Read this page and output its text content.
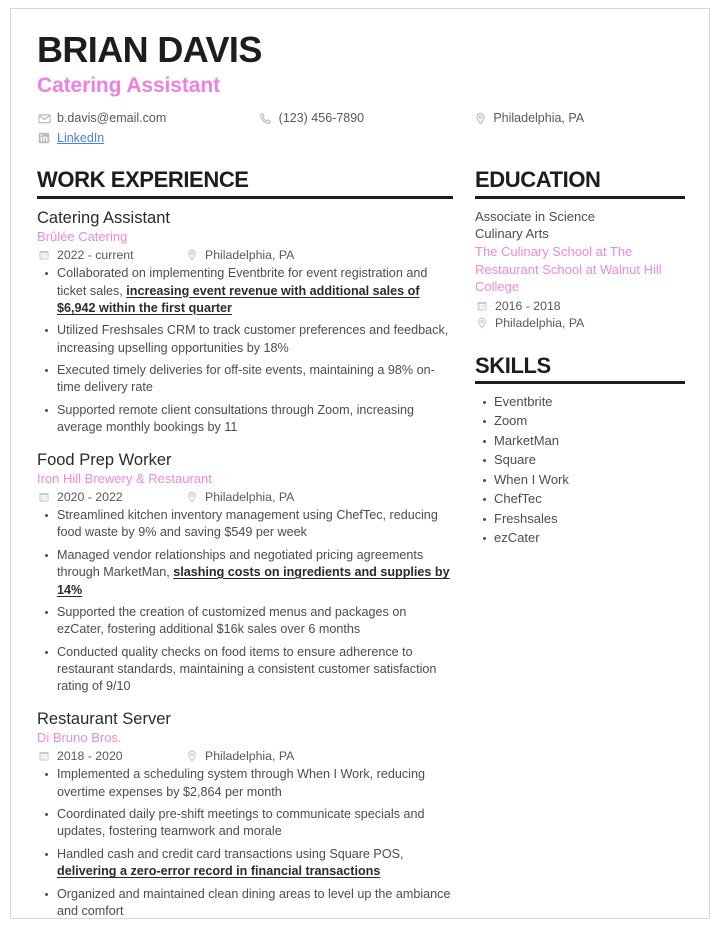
BRIAN DAVIS
Catering Assistant
b.davis@email.com	(123) 456-7890	Philadelphia, PA
LinkedIn
WORK EXPERIENCE
Catering Assistant
Brûlée Catering
2022 - current	Philadelphia, PA
Collaborated on implementing Eventbrite for event registration and ticket sales, increasing event revenue with additional sales of $6,942 within the first quarter
Utilized Freshsales CRM to track customer preferences and feedback, increasing upselling opportunities by 18%
Executed timely deliveries for off-site events, maintaining a 98% on-time delivery rate
Supported remote client consultations through Zoom, increasing average monthly bookings by 11
Food Prep Worker
Iron Hill Brewery & Restaurant
2020 - 2022	Philadelphia, PA
Streamlined kitchen inventory management using ChefTec, reducing food waste by 9% and saving $549 per week
Managed vendor relationships and negotiated pricing agreements through MarketMan, slashing costs on ingredients and supplies by 14%
Supported the creation of customized menus and packages on ezCater, fostering additional $16k sales over 6 months
Conducted quality checks on food items to ensure adherence to restaurant standards, maintaining a consistent customer satisfaction rating of 9/10
Restaurant Server
Di Bruno Bros.
2018 - 2020	Philadelphia, PA
Implemented a scheduling system through When I Work, reducing overtime expenses by $2,864 per month
Coordinated daily pre-shift meetings to communicate specials and updates, fostering teamwork and morale
Handled cash and credit card transactions using Square POS, delivering a zero-error record in financial transactions
Organized and maintained clean dining areas to level up the ambiance and comfort
EDUCATION
Associate in Science
Culinary Arts
The Culinary School at The Restaurant School at Walnut Hill College
2016 - 2018
Philadelphia, PA
SKILLS
Eventbrite
Zoom
MarketMan
Square
When I Work
ChefTec
Freshsales
ezCater
